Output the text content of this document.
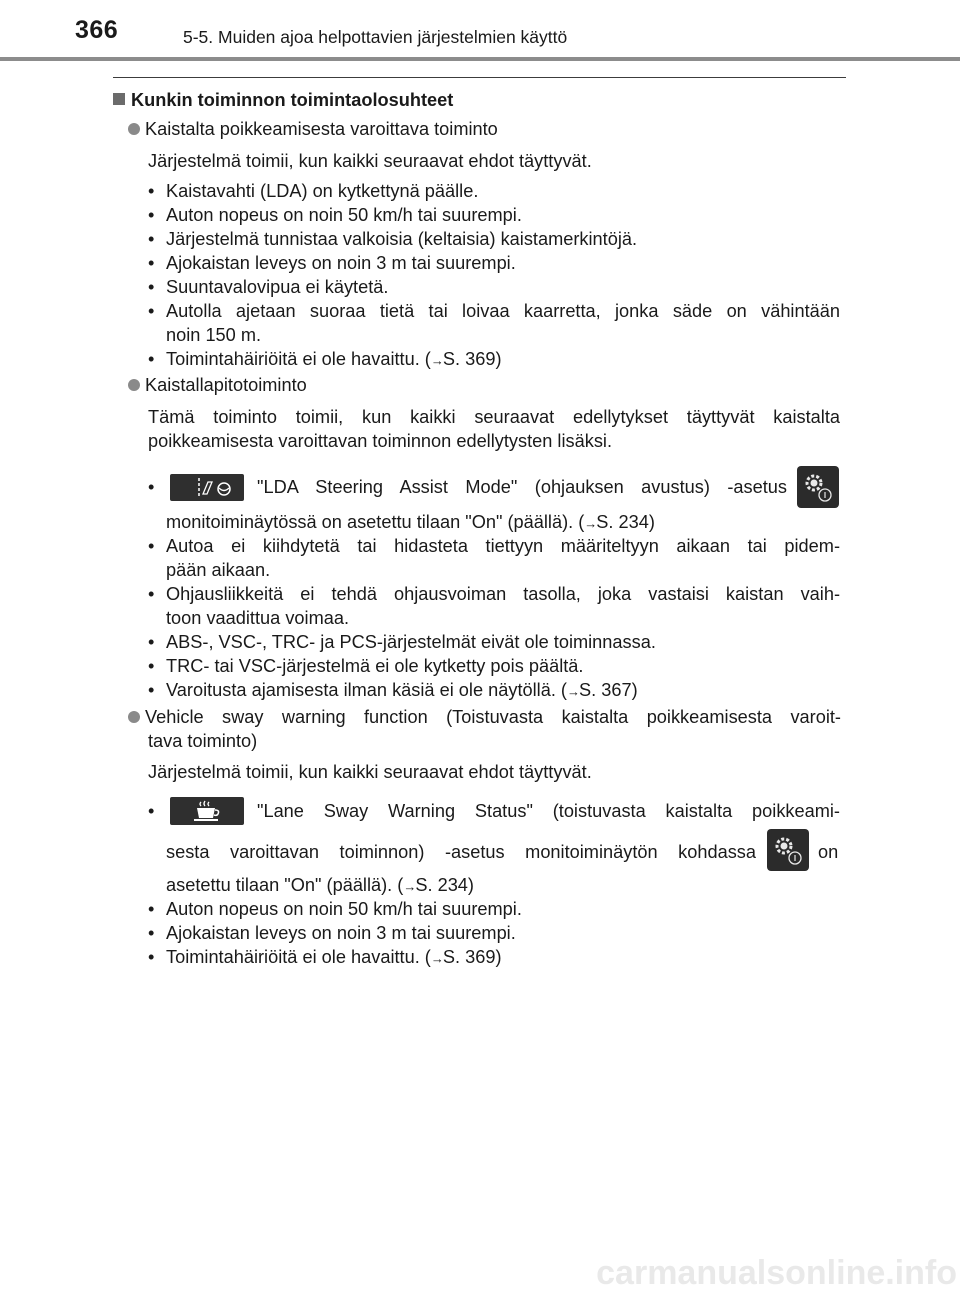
366	5-5. Muiden ajoa helpottavien järjestelmien käyttö
Kunkin toiminnon toimintaolosuhteet
Kaistalta poikkeamisesta varoittava toiminto
Järjestelmä toimii, kun kaikki seuraavat ehdot täyttyvät.
• Kaistavahti (LDA) on kytkettynä päälle.
• Auton nopeus on noin 50 km/h tai suurempi.
• Järjestelmä tunnistaa valkoisia (keltaisia) kaistamerkintöjä.
• Ajokaistan leveys on noin 3 m tai suurempi.
• Suuntavalovipua ei käytetä.
• Autolla ajetaan suoraa tietä tai loivaa kaarretta, jonka säde on vähintään
noin 150 m.
• Toimintahäiriöitä ei ole havaittu. (→S. 369)
Kaistallapitotoiminto
Tämä toiminto toimii, kun kaikki seuraavat edellytykset täyttyvät kaistalta
poikkeamisesta varoittavan toiminnon edellytysten lisäksi.
•	"LDA Steering Assist Mode" (ohjauksen avustus) -asetus
monitoiminäytössä on asetettu tilaan "On" (päällä). (→S. 234)
• Autoa ei kiihdytetä tai hidasteta tiettyyn määriteltyyn aikaan tai pidem-
pään aikaan.
• Ohjausliikkeitä ei tehdä ohjausvoiman tasolla, joka vastaisi kaistan vaih-
toon vaadittua voimaa.
• ABS-, VSC-, TRC- ja PCS-järjestelmät eivät ole toiminnassa.
• TRC- tai VSC-järjestelmä ei ole kytketty pois päältä.
• Varoitusta ajamisesta ilman käsiä ei ole näytöllä. (→S. 367)
Vehicle sway warning function (Toistuvasta kaistalta poikkeamisesta varoit-
tava toiminto)
Järjestelmä toimii, kun kaikki seuraavat ehdot täyttyvät.
•	"Lane Sway Warning Status" (toistuvasta kaistalta poikkeami-
sesta varoittavan toiminnon) -asetus monitoiminäytön kohdassa	on
asetettu tilaan "On" (päällä). (→S. 234)
• Auton nopeus on noin 50 km/h tai suurempi.
• Ajokaistan leveys on noin 3 m tai suurempi.
• Toimintahäiriöitä ei ole havaittu. (→S. 369)
carmanualsonline.info
